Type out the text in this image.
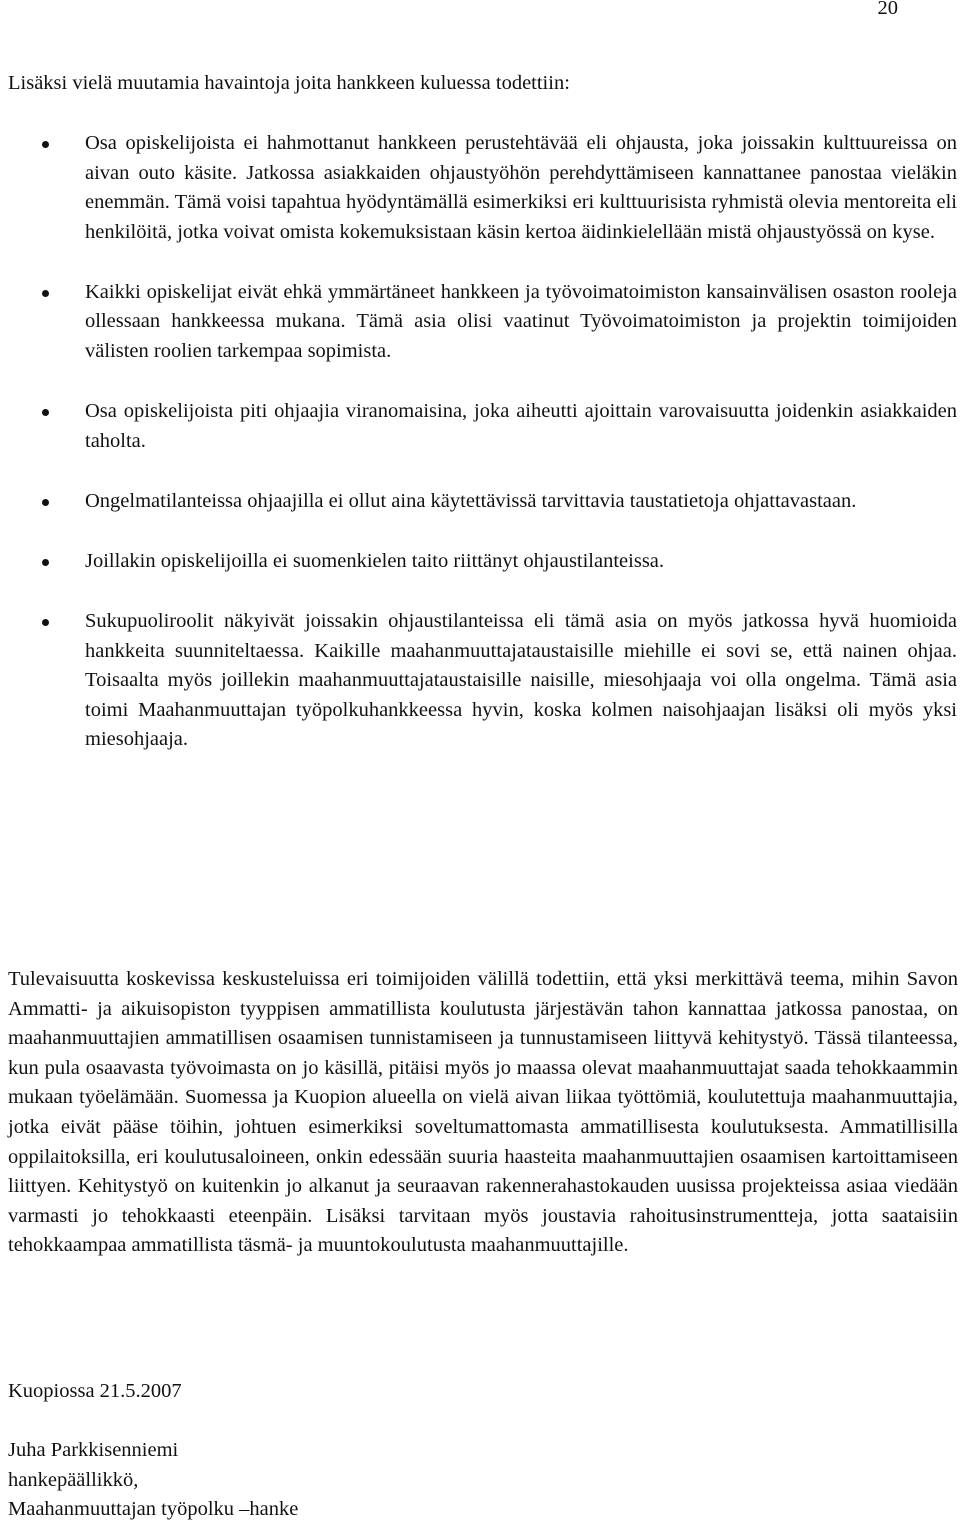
20

Lisäksi vielä muutamia havaintoja joita hankkeen kuluessa todettiin:

Osa opiskelijoista ei hahmottanut hankkeen perustehtävää eli ohjausta, joka joissakin kulttuureissa on aivan outo käsite. Jatkossa asiakkaiden ohjaustyöhön perehdyttämiseen kannattanee panostaa vieläkin enemmän. Tämä voisi tapahtua hyödyntämällä esimerkiksi eri kulttuurisista ryhmistä olevia mentoreita eli henkilöitä, jotka voivat omista kokemuksistaan käsin kertoa äidinkielellään mistä ohjaustyössä on kyse.
Kaikki opiskelijat eivät ehkä ymmärtäneet hankkeen ja työvoimatoimiston kansainvälisen osaston rooleja ollessaan hankkeessa mukana. Tämä asia olisi vaatinut Työvoimatoimiston ja projektin toimijoiden välisten roolien tarkempaa sopimista.
Osa opiskelijoista piti ohjaajia viranomaisina, joka aiheutti ajoittain varovaisuutta joidenkin asiakkaiden taholta.
Ongelmatilanteissa ohjaajilla ei ollut aina käytettävissä tarvittavia taustatietoja ohjattavastaan.
Joillakin opiskelijoilla ei suomenkielen taito riittänyt ohjaustilanteissa.
Sukupuoliroolit näkyivät joissakin ohjaustilanteissa eli tämä asia on myös jatkossa hyvä huomioida hankkeita suunniteltaessa. Kaikille maahanmuuttajataustaisille miehille ei sovi se, että nainen ohjaa. Toisaalta myös joillekin maahanmuuttajataustaisille naisille, miesohjaaja voi olla ongelma. Tämä asia toimi Maahanmuuttajan työpolkuhankkeessa hyvin, koska kolmen naisohjaajan lisäksi oli myös yksi miesohjaaja.

Tulevaisuutta koskevissa keskusteluissa eri toimijoiden välillä todettiin, että yksi merkittävä teema, mihin Savon Ammatti- ja aikuisopiston tyyppisen ammatillista koulutusta järjestävän tahon kannattaa jatkossa panostaa, on maahanmuuttajien ammatillisen osaamisen tunnistamiseen ja tunnustamiseen liittyvä kehitystyö. Tässä tilanteessa, kun pula osaavasta työvoimasta on jo käsillä, pitäisi myös jo maassa olevat maahanmuuttajat saada tehokkaammin mukaan työelämään. Suomessa ja Kuopion alueella on vielä aivan liikaa työttömiä, koulutettuja maahanmuuttajia, jotka eivät pääse töihin, johtuen esimerkiksi soveltumattomasta ammatillisesta koulutuksesta. Ammatillisilla oppilaitoksilla, eri koulutusaloineen, onkin edessään suuria haasteita maahanmuuttajien osaamisen kartoittamiseen liittyen. Kehitystyö on kuitenkin jo alkanut ja seuraavan rakennerahastokauden uusissa projekteissa asiaa viedään varmasti jo tehokkaasti eteenpäin. Lisäksi tarvitaan myös joustavia rahoitusinstrumentteja, jotta saataisiin tehokkaampaa ammatillista täsmä- ja muuntokoulutusta maahanmuuttajille.

Kuopiossa 21.5.2007

Juha Parkkisenniemi
hankepäällikkö,
Maahanmuuttajan työpolku –hanke
